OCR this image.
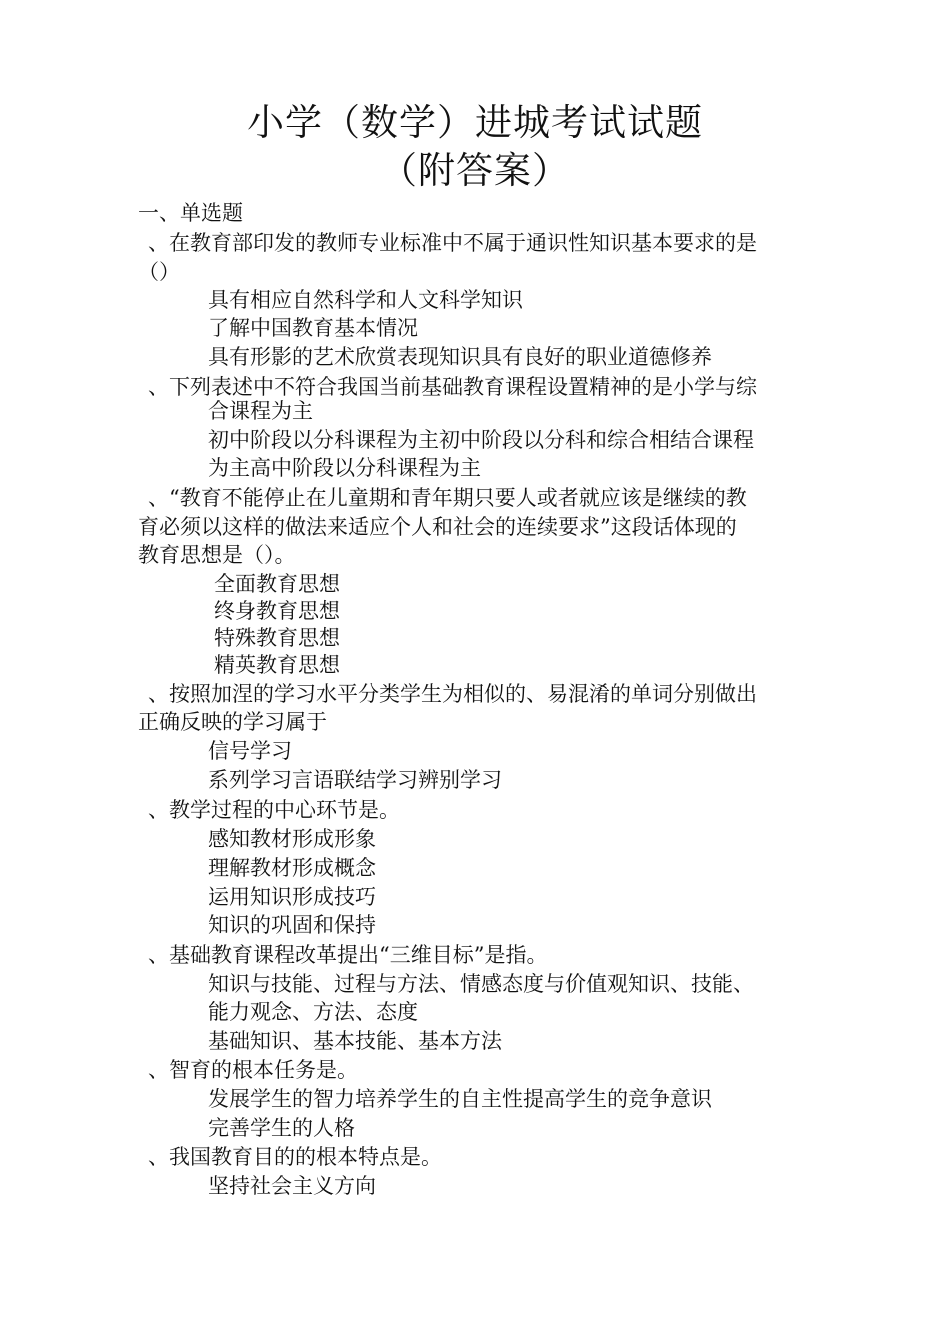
小学（数学）进城考试试题
（附答案）
一、单选题
、在教育部印发的教师专业标准中不属于通识性知识基本要求的是
（）
具有相应自然科学和人文科学知识
了解中国教育基本情况
具有形影的艺术欣赏表现知识具有良好的职业道德修养
、下列表述中不符合我国当前基础教育课程设置精神的是小学与综
合课程为主
初中阶段以分科课程为主初中阶段以分科和综合相结合课程
为主高中阶段以分科课程为主
、“教育不能停止在儿童期和青年期只要人或者就应该是继续的教
育必须以这样的做法来适应个人和社会的连续要求”这段话体现的
教育思想是（）。
全面教育思想
终身教育思想
特殊教育思想
精英教育思想
、按照加涅的学习水平分类学生为相似的、易混淆的单词分别做出
正确反映的学习属于
信号学习
系列学习言语联结学习辨别学习
、教学过程的中心环节是。
感知教材形成形象
理解教材形成概念
运用知识形成技巧
知识的巩固和保持
、基础教育课程改革提出“三维目标”是指。
知识与技能、过程与方法、情感态度与价值观知识、技能、
能力观念、方法、态度
基础知识、基本技能、基本方法
、智育的根本任务是。
发展学生的智力培养学生的自主性提高学生的竞争意识
完善学生的人格
、我国教育目的的根本特点是。
坚持社会主义方向
